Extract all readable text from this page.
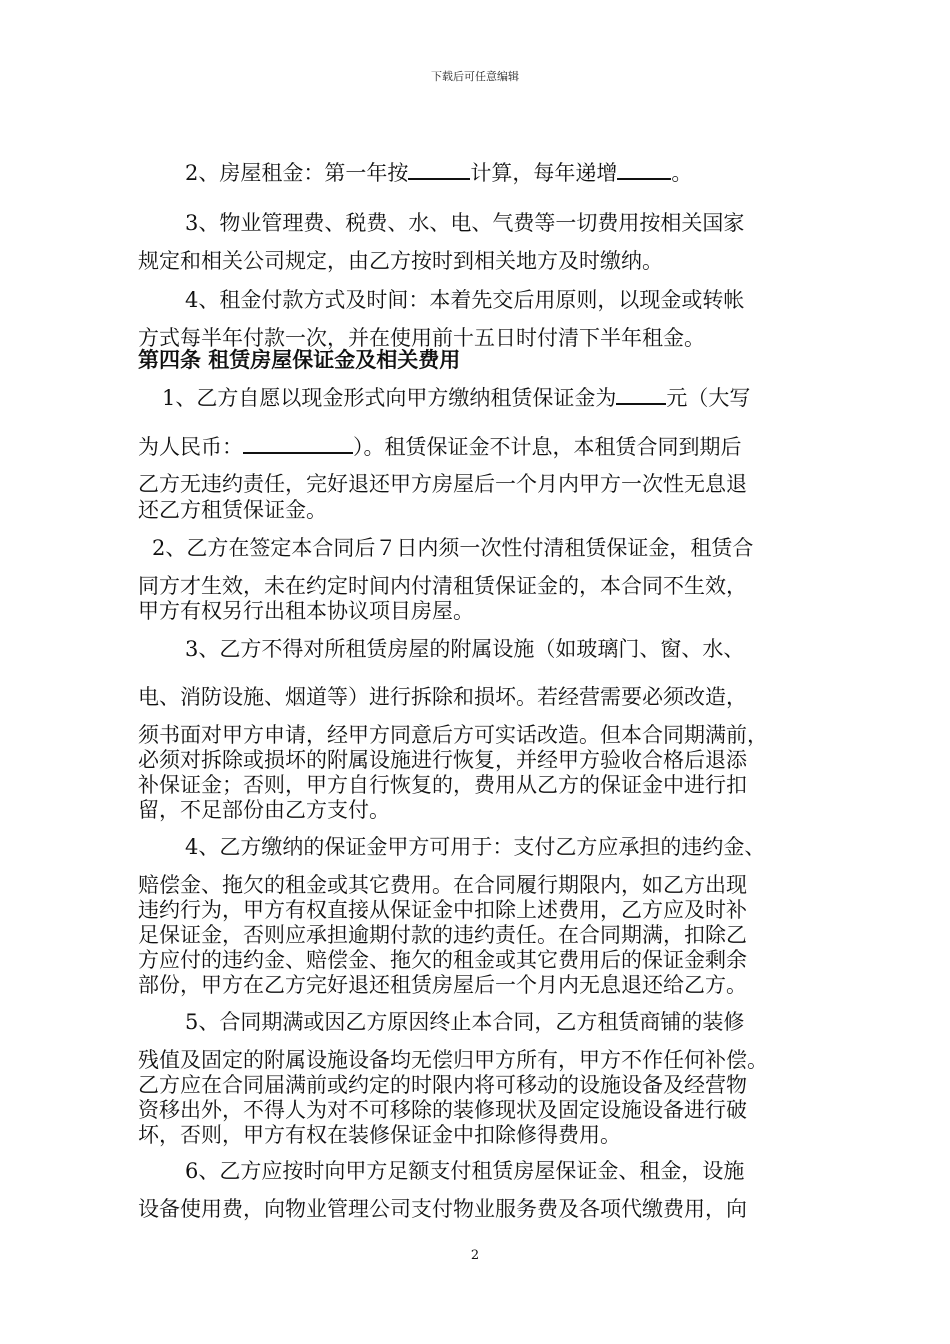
下载后可任意编辑
2、房屋租金：第一年按	计算，每年递增	。
3、物业管理费、税费、水、电、气费等一切费用按相关国家
规定和相关公司规定，由乙方按时到相关地方及时缴纳。
4、租金付款方式及时间：本着先交后用原则，以现金或转帐
方式每半年付款一次，并在使用前十五日时付清下半年租金。
第四条 租赁房屋保证金及相关费用
1、乙方自愿以现金形式向甲方缴纳租赁保证金为 元（大写
为人民币：	）。租赁保证金不计息，本租赁合同到期后
乙方无违约责任，完好退还甲方房屋后一个月内甲方一次性无息退
还乙方租赁保证金。
2、乙方在签定本合同后７日内须一次性付清租赁保证金，租赁合
同方才生效，未在约定时间内付清租赁保证金的，本合同不生效，
甲方有权另行出租本协议项目房屋。
3、乙方不得对所租赁房屋的附属设施（如玻璃门、窗、水、
电、消防设施、烟道等）进行拆除和损坏。若经营需要必须改造，
须书面对甲方申请，经甲方同意后方可实话改造。但本合同期满前，
必须对拆除或损坏的附属设施进行恢复，并经甲方验收合格后退添
补保证金；否则，甲方自行恢复的，费用从乙方的保证金中进行扣
留，不足部份由乙方支付。
4、乙方缴纳的保证金甲方可用于：支付乙方应承担的违约金、
赔偿金、拖欠的租金或其它费用。在合同履行期限内，如乙方出现
违约行为，甲方有权直接从保证金中扣除上述费用，乙方应及时补
足保证金，否则应承担逾期付款的违约责任。在合同期满，扣除乙
方应付的违约金、赔偿金、拖欠的租金或其它费用后的保证金剩余
部份，甲方在乙方完好退还租赁房屋后一个月内无息退还给乙方。
5、合同期满或因乙方原因终止本合同，乙方租赁商铺的装修
残值及固定的附属设施设备均无偿归甲方所有，甲方不作任何补偿。
乙方应在合同届满前或约定的时限内将可移动的设施设备及经营物
资移出外，不得人为对不可移除的装修现状及固定设施设备进行破
坏，否则，甲方有权在装修保证金中扣除修得费用。
6、乙方应按时向甲方足额支付租赁房屋保证金、租金，设施
设备使用费，向物业管理公司支付物业服务费及各项代缴费用，向
2
